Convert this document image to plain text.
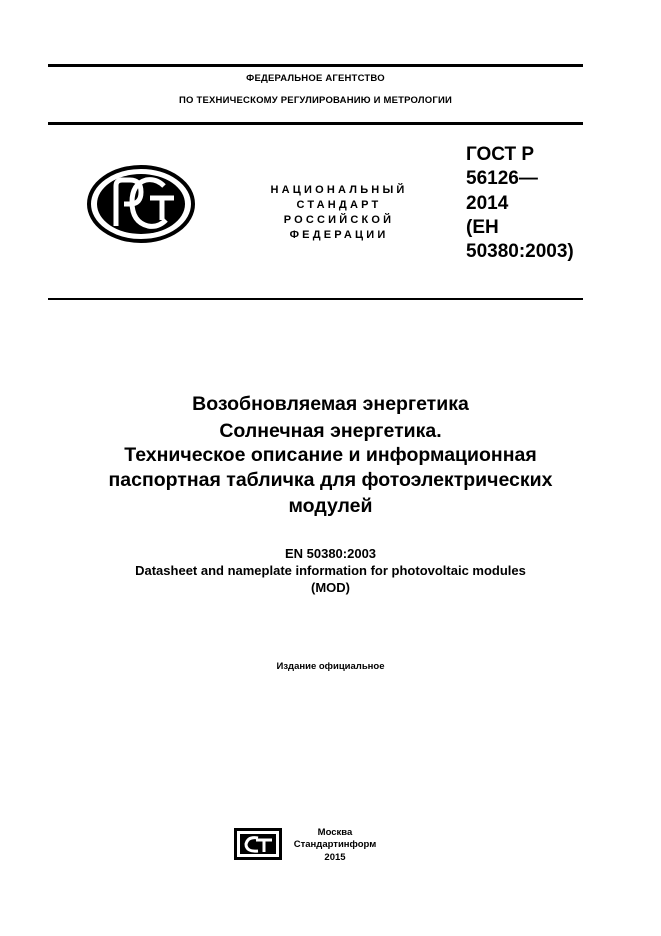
ФЕДЕРАЛЬНОЕ АГЕНТСТВО
ПО ТЕХНИЧЕСКОМУ РЕГУЛИРОВАНИЮ И МЕТРОЛОГИИ
НАЦИОНАЛЬНЫЙ
СТАНДАРТ
РОССИЙСКОЙ
ФЕДЕРАЦИИ
ГОСТ Р
56126—
2014
(ЕН
50380:2003)
Возобновляемая энергетика
Солнечная энергетика.
Техническое описание и информационная
паспортная табличка для фотоэлектрических
модулей
EN 50380:2003
Datasheet and nameplate information for photovoltaic modules
(MOD)
Издание официальное
Москва
Стандартинформ
2015
